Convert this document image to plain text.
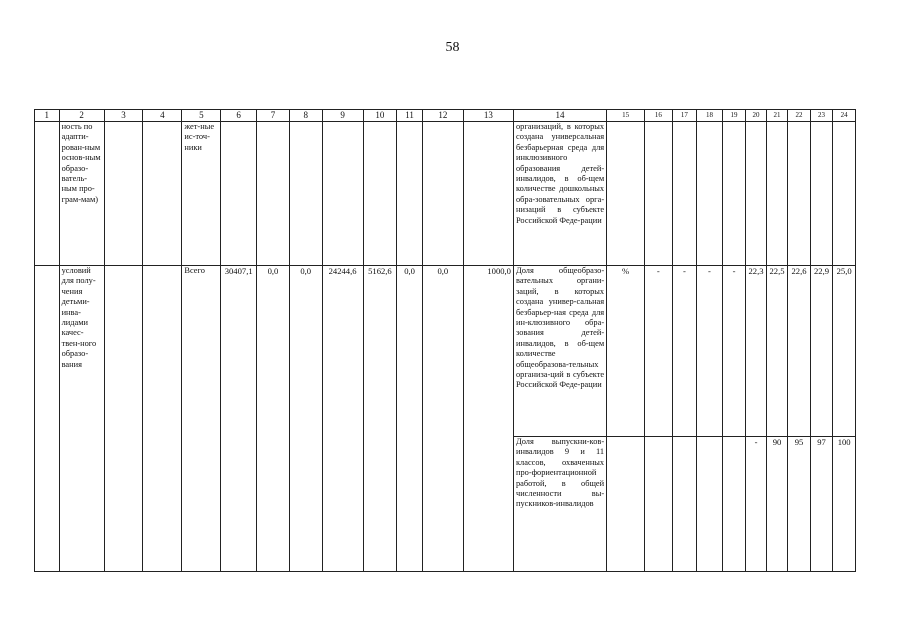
58
1	2	3	4	5	6	7	8	9	10	11	12	13	14	15	16	17	18	19	20	21	22	23	24
	ность по адапти-рован-ным основ-ным образо-ватель-ным про-грам-мам)			жет-ные ис-точ-ники									организаций, в которых создана универсальная безбарьерная среда для инклюзивного образования детей-инвалидов, в об-щем количестве дошкольных обра-зовательных орга-низаций в субъекте Российской Феде-рации										
	условий для полу-чения детьми-инва-лидами качес-твен-ного образо-вания			Всего	30407,1	0,0	0,0	24244,6	5162,6	0,0	0,0	1000,0	Доля общеобразо-вательных органи-заций, в которых создана универ-сальная безбарьер-ная среда для ин-клюзивного обра-зования детей-инвалидов, в об-щем количестве общеобразова-тельных организа-ций в субъекте Российской Феде-рации	%	-	-	-	-	22,3	22,5	22,6	22,9	25,0
													Доля выпускни-ков-инвалидов 9 и 11 классов, охваченных про-фориентационной работой, в общей численности вы-пускников-инвалидов						-	90	95	97	100
